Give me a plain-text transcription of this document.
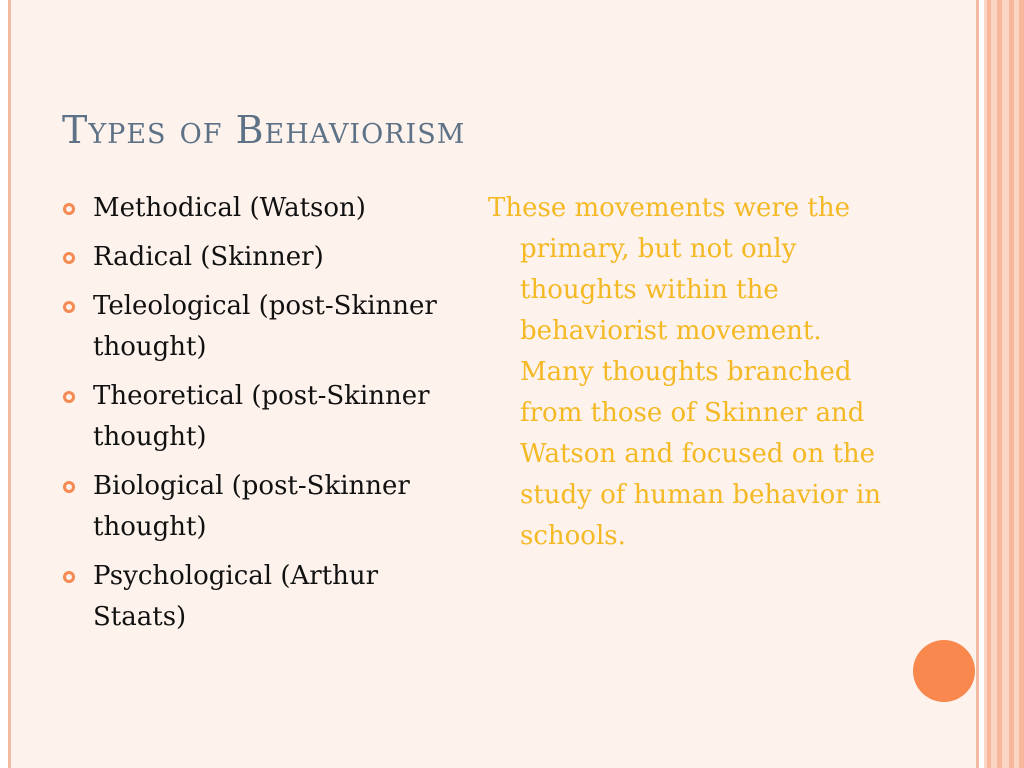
Types of Behaviorism
Methodical (Watson)
Radical (Skinner)
Teleological (post-Skinner thought)
Theoretical (post-Skinner thought)
Biological (post-Skinner thought)
Psychological (Arthur Staats)

These movements were the primary, but not only thoughts within the behaviorist movement. Many thoughts branched from those of Skinner and Watson and focused on the study of human behavior in schools.
